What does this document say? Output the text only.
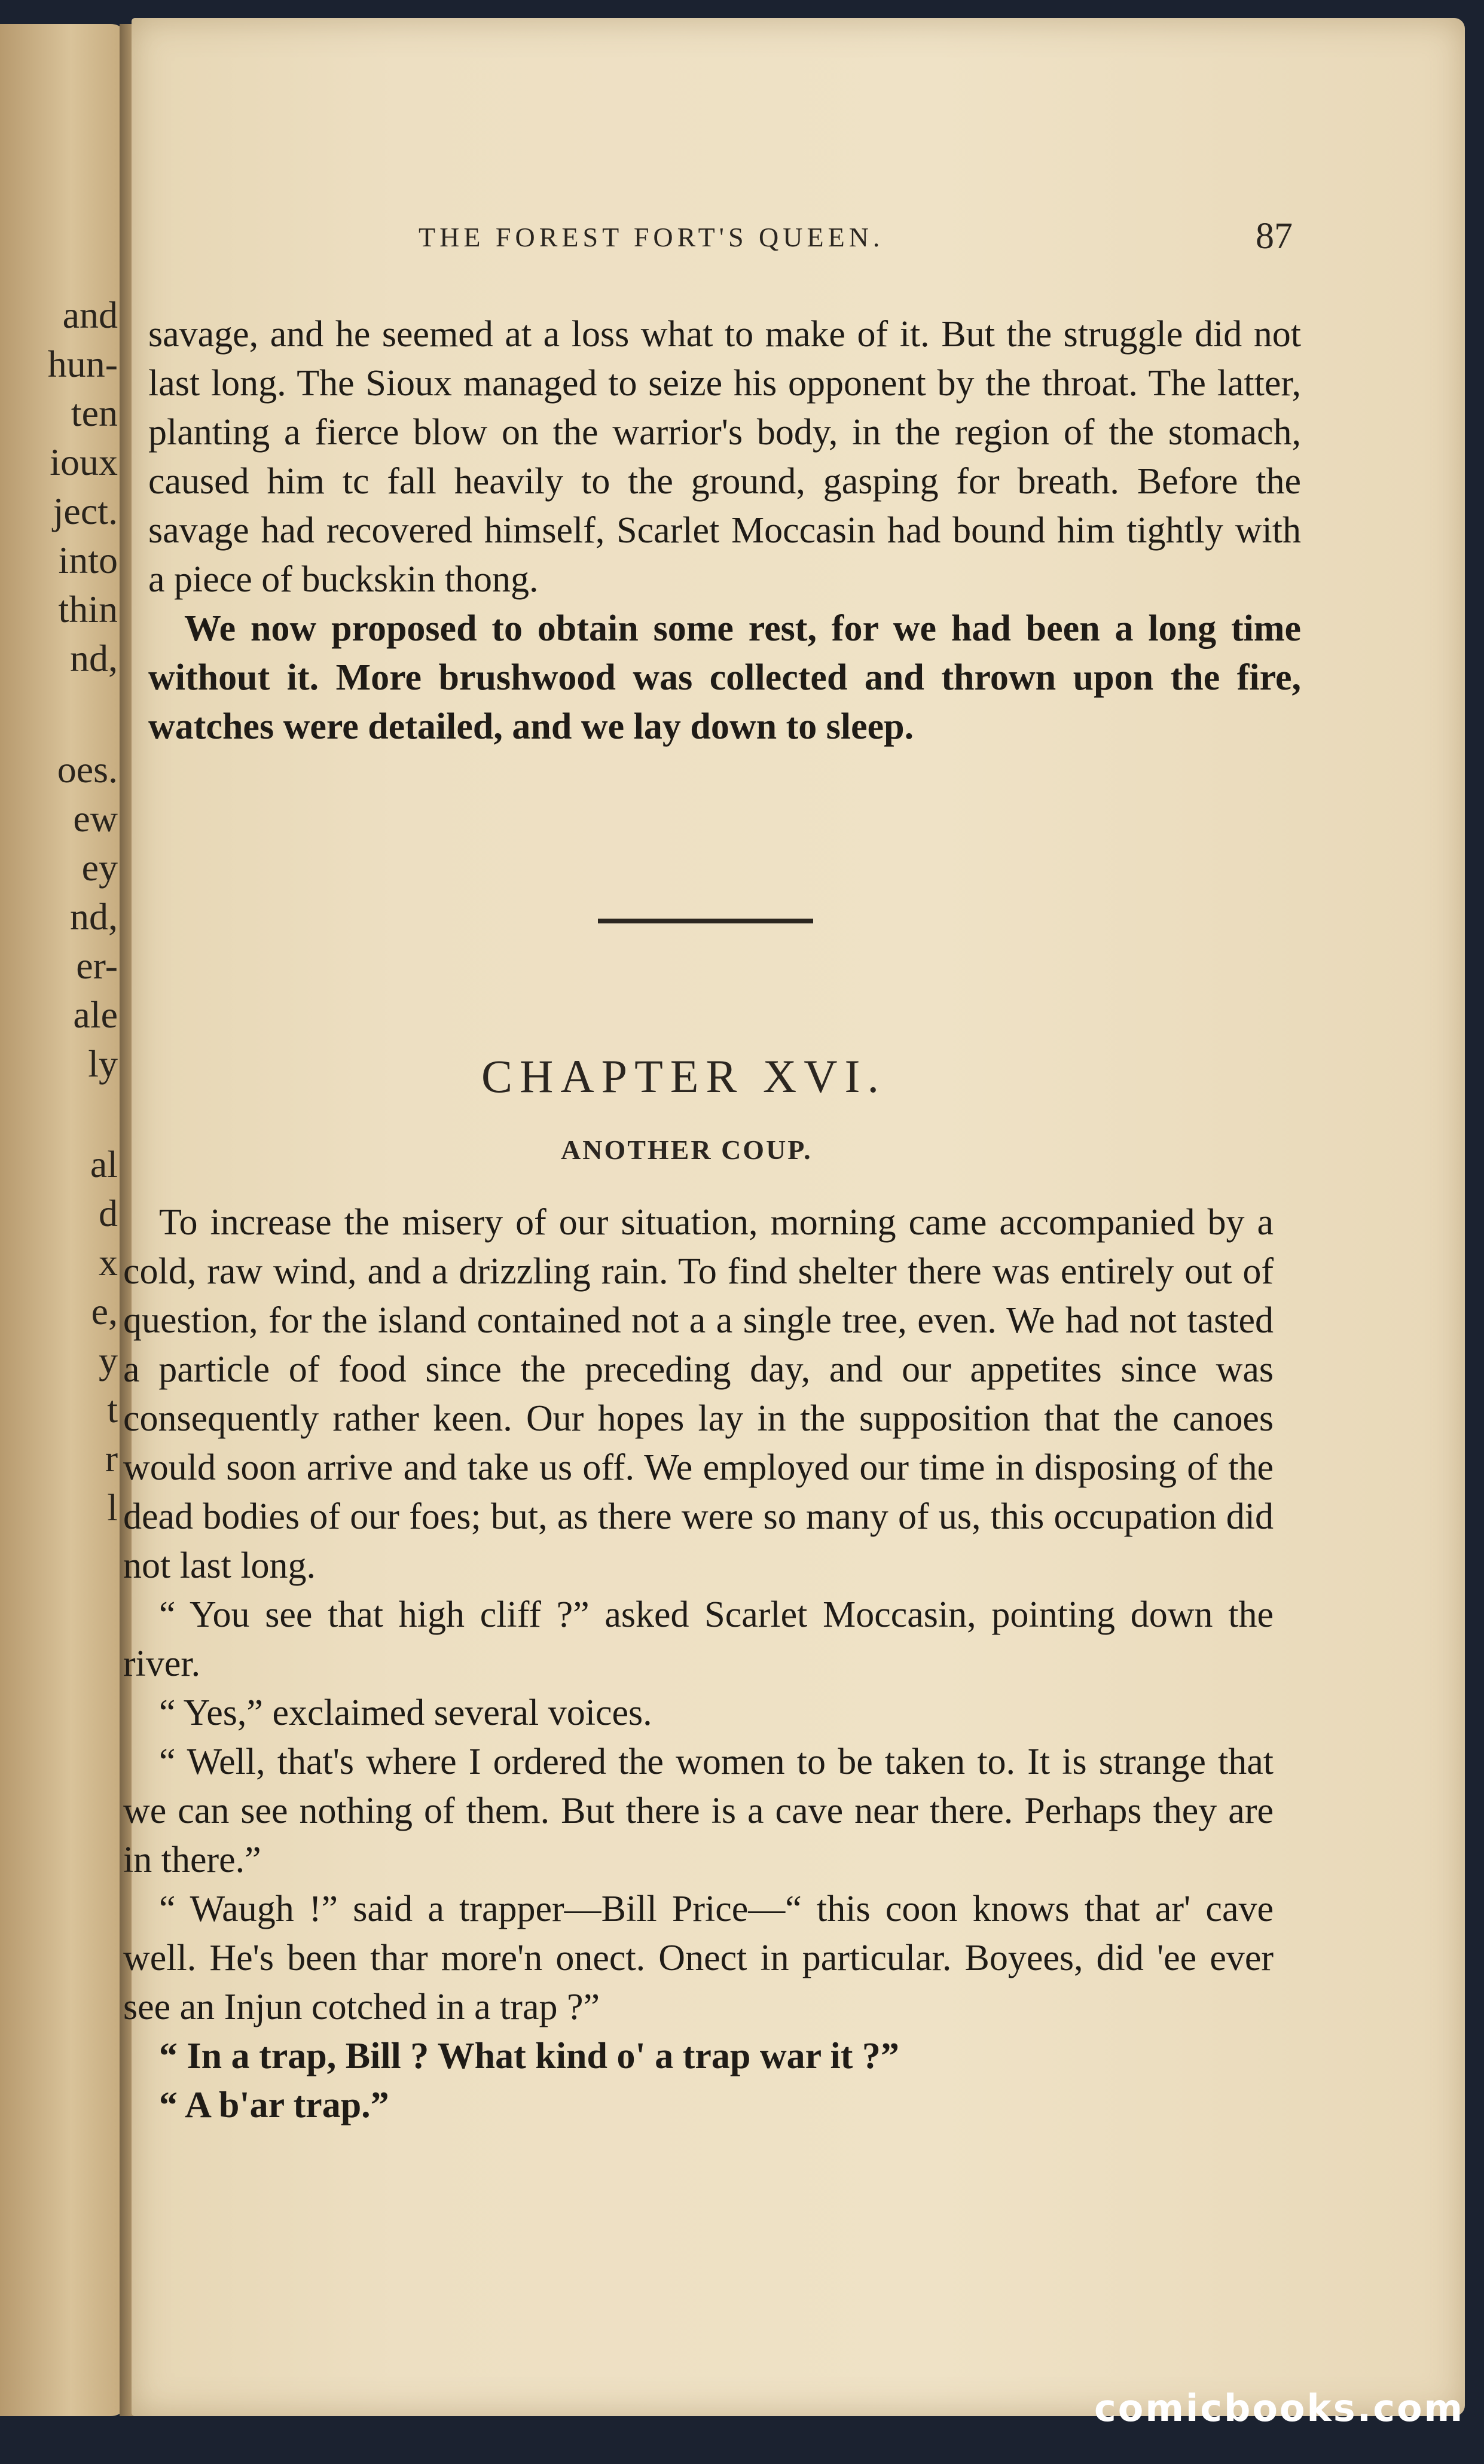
and
hun-
ten
ioux
ject.
into
thin
nd,
oes.
ew
ey
nd,
er-
ale
ly
al
d
x
e,
y
t
r
l
THE FOREST FORT'S QUEEN.	87

savage, and he seemed at a loss what to make of it. But the struggle did not last long. The Sioux managed to seize his opponent by the throat. The latter, planting a fierce blow on the warrior's body, in the region of the stomach, caused him tc fall heavily to the ground, gasping for breath. Before the savage had recovered himself, Scarlet Moccasin had bound him tightly with a piece of buckskin thong.

We now proposed to obtain some rest, for we had been a long time without it. More brushwood was collected and thrown upon the fire, watches were detailed, and we lay down to sleep.

CHAPTER XVI.
ANOTHER COUP.

To increase the misery of our situation, morning came accompanied by a cold, raw wind, and a drizzling rain. To find shelter there was entirely out of question, for the island contained not a a single tree, even. We had not tasted a particle of food since the preceding day, and our appetites since was consequently rather keen. Our hopes lay in the supposition that the canoes would soon arrive and take us off. We employed our time in disposing of the dead bodies of our foes; but, as there were so many of us, this occupation did not last long.

“ You see that high cliff ?” asked Scarlet Moccasin, pointing down the river.

“ Yes,” exclaimed several voices.

“ Well, that's where I ordered the women to be taken to. It is strange that we can see nothing of them. But there is a cave near there. Perhaps they are in there.”

“ Waugh !” said a trapper—Bill Price—“ this coon knows that ar' cave well. He's been thar more'n onect. Onect in particular. Boyees, did 'ee ever see an Injun cotched in a trap ?”

“ In a trap, Bill ? What kind o' a trap war it ?”

“ A b'ar trap.”

comicbooks.com
